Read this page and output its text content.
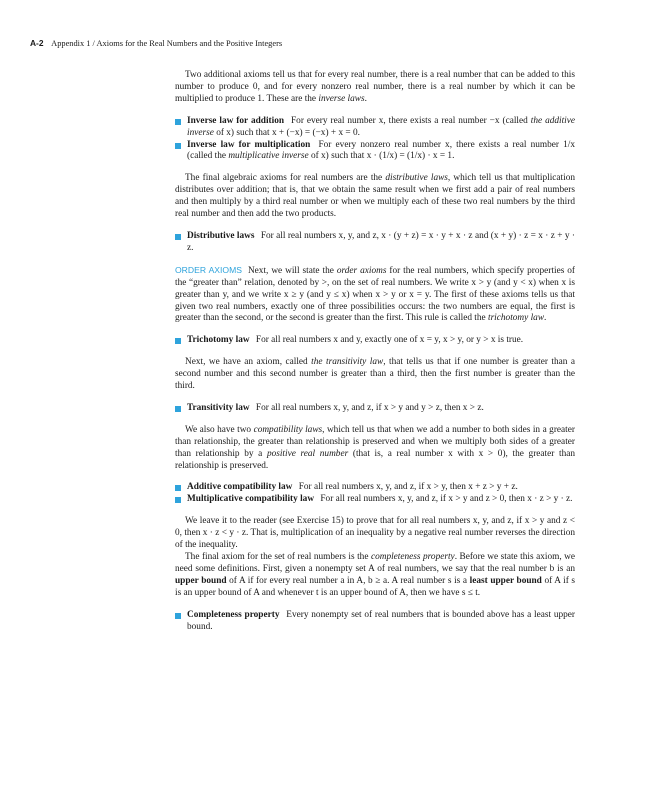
A-2 Appendix 1 / Axioms for the Real Numbers and the Positive Integers

Two additional axioms tell us that for every real number, there is a real number that can be added to this number to produce 0, and for every nonzero real number, there is a real number by which it can be multiplied to produce 1. These are the inverse laws.

Inverse law for addition For every real number x, there exists a real number −x (called the additive inverse of x) such that x + (−x) = (−x) + x = 0.
Inverse law for multiplication For every nonzero real number x, there exists a real number 1/x (called the multiplicative inverse of x) such that x · (1/x) = (1/x) · x = 1.

The final algebraic axioms for real numbers are the distributive laws, which tell us that multiplication distributes over addition; that is, that we obtain the same result when we first add a pair of real numbers and then multiply by a third real number or when we multiply each of these two real numbers by the third real number and then add the two products.

Distributive laws For all real numbers x, y, and z, x · (y + z) = x · y + x · z and (x + y) · z = x · z + y · z.

ORDER AXIOMS Next, we will state the order axioms for the real numbers, which specify properties of the “greater than” relation, denoted by >, on the set of real numbers. We write x > y (and y < x) when x is greater than y, and we write x ≥ y (and y ≤ x) when x > y or x = y. The first of these axioms tells us that given two real numbers, exactly one of three possibilities occurs: the two numbers are equal, the first is greater than the second, or the second is greater than the first. This rule is called the trichotomy law.

Trichotomy law For all real numbers x and y, exactly one of x = y, x > y, or y > x is true.

Next, we have an axiom, called the transitivity law, that tells us that if one number is greater than a second number and this second number is greater than a third, then the first number is greater than the third.

Transitivity law For all real numbers x, y, and z, if x > y and y > z, then x > z.

We also have two compatibility laws, which tell us that when we add a number to both sides in a greater than relationship, the greater than relationship is preserved and when we multiply both sides of a greater than relationship by a positive real number (that is, a real number x with x > 0), the greater than relationship is preserved.

Additive compatibility law For all real numbers x, y, and z, if x > y, then x + z > y + z.
Multiplicative compatibility law For all real numbers x, y, and z, if x > y and z > 0, then x · z > y · z.

We leave it to the reader (see Exercise 15) to prove that for all real numbers x, y, and z, if x > y and z < 0, then x · z < y · z. That is, multiplication of an inequality by a negative real number reverses the direction of the inequality.

The final axiom for the set of real numbers is the completeness property. Before we state this axiom, we need some definitions. First, given a nonempty set A of real numbers, we say that the real number b is an upper bound of A if for every real number a in A, b ≥ a. A real number s is a least upper bound of A if s is an upper bound of A and whenever t is an upper bound of A, then we have s ≤ t.

Completeness property Every nonempty set of real numbers that is bounded above has a least upper bound.
